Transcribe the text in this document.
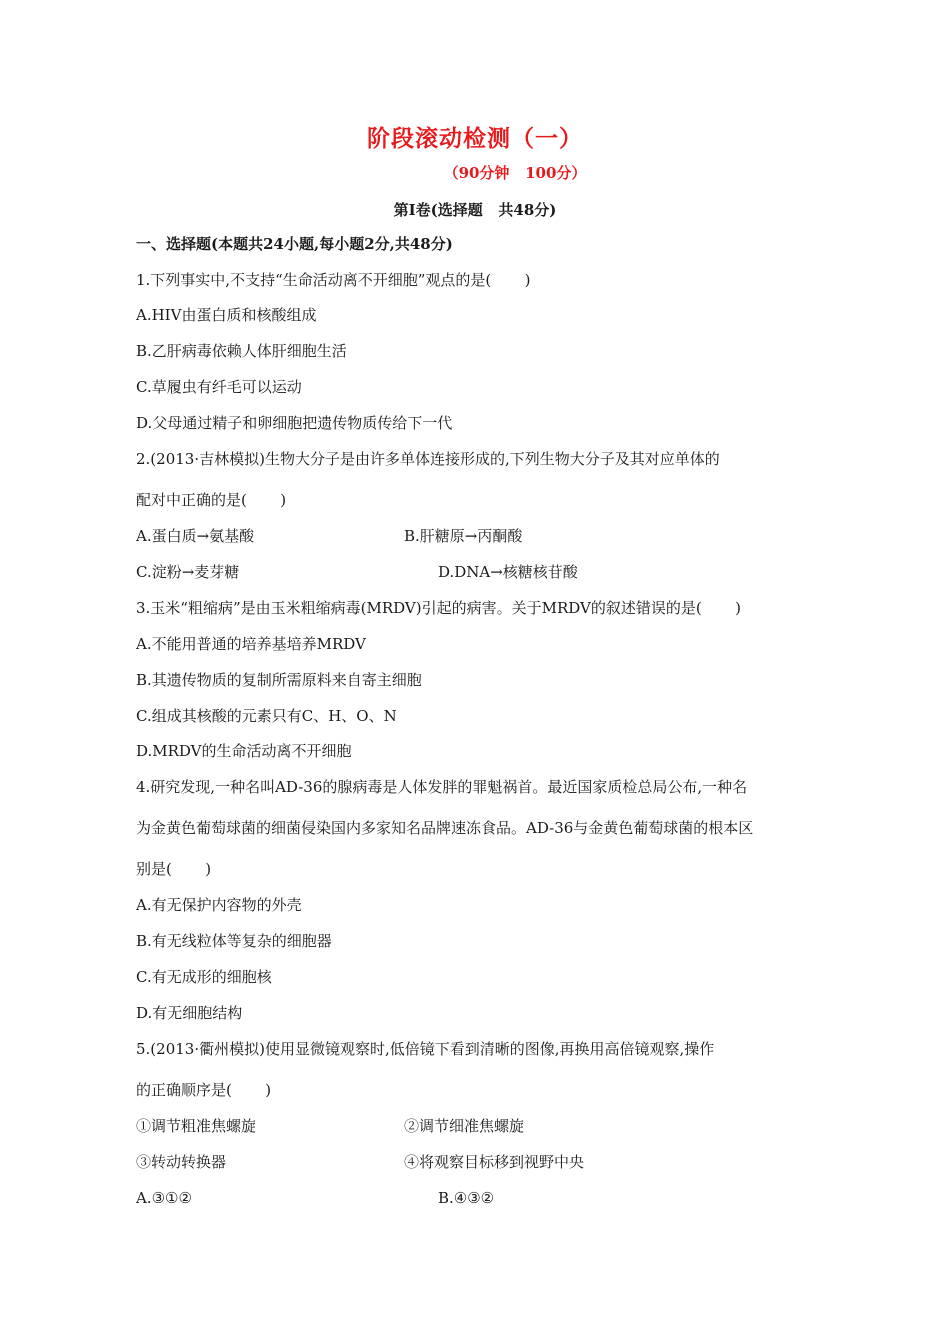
阶段滚动检测（一）
（90分钟   100分）
第Ⅰ卷(选择题   共48分)
一、选择题(本题共24小题,每小题2分,共48分)
1.下列事实中,不支持“生命活动离不开细胞”观点的是(       )
A.HIV由蛋白质和核酸组成
B.乙肝病毒依赖人体肝细胞生活
C.草履虫有纤毛可以运动
D.父母通过精子和卵细胞把遗传物质传给下一代
2.(2013·吉林模拟)生物大分子是由许多单体连接形成的,下列生物大分子及其对应单体的
配对中正确的是(       )
A.蛋白质→氨基酸	B.肝糖原→丙酮酸
C.淀粉→麦芽糖	D.DNA→核糖核苷酸
3.玉米“粗缩病”是由玉米粗缩病毒(MRDV)引起的病害。关于MRDV的叙述错误的是(       )
A.不能用普通的培养基培养MRDV
B.其遗传物质的复制所需原料来自寄主细胞
C.组成其核酸的元素只有C、H、O、N
D.MRDV的生命活动离不开细胞
4.研究发现,一种名叫AD-36的腺病毒是人体发胖的罪魁祸首。最近国家质检总局公布,一种名
为金黄色葡萄球菌的细菌侵染国内多家知名品牌速冻食品。AD-36与金黄色葡萄球菌的根本区
别是(       )
A.有无保护内容物的外壳
B.有无线粒体等复杂的细胞器
C.有无成形的细胞核
D.有无细胞结构
5.(2013·衢州模拟)使用显微镜观察时,低倍镜下看到清晰的图像,再换用高倍镜观察,操作
的正确顺序是(       )
①调节粗准焦螺旋	②调节细准焦螺旋
③转动转换器	④将观察目标移到视野中央
A.③①②	B.④③②
